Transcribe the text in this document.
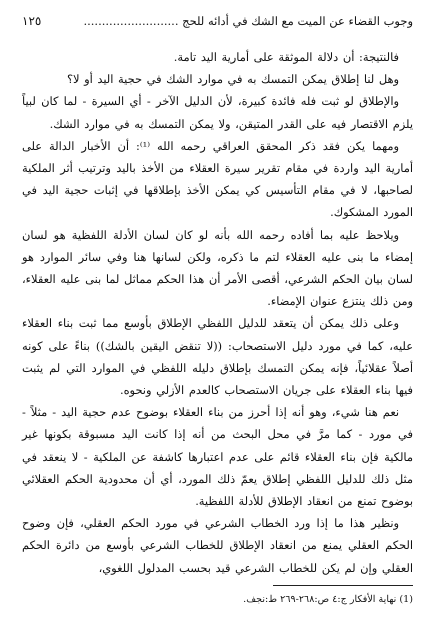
وجوب القضاء عن الميت مع الشك في أدائه للحج ..........................
١٢٥

فالنتيجة: أن دلالة الموثقة على أمارية اليد تامة.

وهل لنا إطلاق يمكن التمسك به في موارد الشك في حجية اليد أو لا؟

والإطلاق لو ثبت فله فائدة كبيرة، لأن الدليل الآخر - أي السيرة - لما كان لبياً يلزم الاقتصار فيه على القدر المتيقن، ولا يمكن التمسك به في موارد الشك.

ومهما يكن فقد ذكر المحقق العراقي رحمه الله ⁽¹⁾: أن الأخبار الدالة على أمارية اليد واردة في مقام تقرير سيرة العقلاء من الأخذ باليد وترتيب أثر الملكية لصاحبها، لا في مقام التأسيس كي يمكن الأخذ بإطلاقها في إثبات حجية اليد في المورد المشكوك.

ويلاحظ عليه بما أفاده رحمه الله بأنه لو كان لسان الأدلة اللفظية هو لسان إمضاء ما بنى عليه العقلاء لتم ما ذكره، ولكن لسانها هنا وفي سائر الموارد هو لسان بيان الحكم الشرعي، أقصى الأمر أن هذا الحكم مماثل لما بنى عليه العقلاء، ومن ذلك ينتزع عنوان الإمضاء.

وعلى ذلك يمكن أن يتعقد للدليل اللفظي الإطلاق بأوسع مما ثبت بناء العقلاء عليه، كما في مورد دليل الاستصحاب: ((لا تنقض اليقين بالشك)) بناءً على كونه أصلاً عقلائياً، فإنه يمكن التمسك بإطلاق دليله اللفظي في الموارد التي لم يثبت فيها بناء العقلاء على جريان الاستصحاب كالعدم الأزلي ونحوه.

نعم هنا شيء، وهو أنه إذا أحرز من بناء العقلاء بوضوح عدم حجية اليد - مثلاً - في مورد - كما مرَّ في محل البحث من أنه إذا كانت اليد مسبوقة بكونها غير مالكية فإن بناء العقلاء قائم على عدم اعتبارها كاشفة عن الملكية - لا ينعقد في مثل ذلك للدليل اللفظي إطلاق يعمّ ذلك المورد، أي أن محدودية الحكم العقلائي بوضوح تمنع من انعقاد الإطلاق للأدلة اللفظية.

ونظير هذا ما إذا ورد الخطاب الشرعي في مورد الحكم العقلي، فإن وضوح الحكم العقلي يمنع من انعقاد الإطلاق للخطاب الشرعي بأوسع من دائرة الحكم العقلي وإن لم يكن للخطاب الشرعي قيد بحسب المدلول اللغوي،

(1) نهاية الأفكار ج:٤ ص:٢٦٨-٢٦٩ ط:نجف.
